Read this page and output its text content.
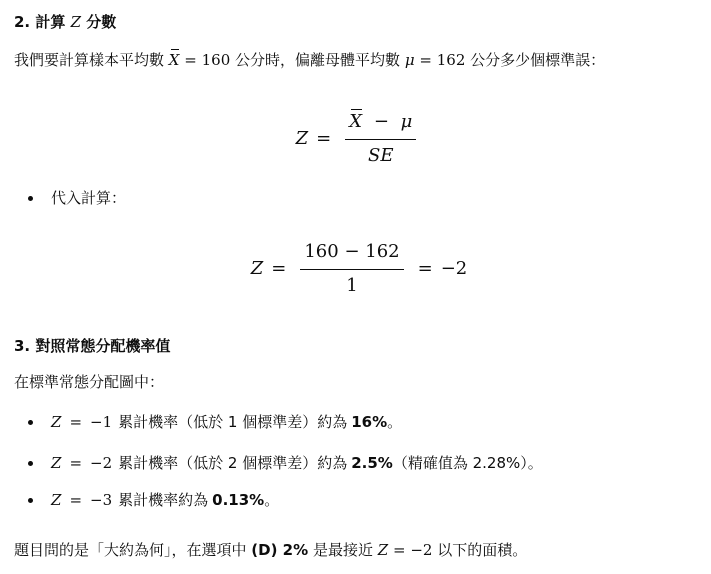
2. 計算 Z 分數

我們要計算樣本平均數 X = 160 公分時，偏離母體平均數 μ = 162 公分多少個標準誤：

$Z = \frac{X - \mu}{SE}$
代入計算：
$Z = \frac{160 - 162}{1} = -2$
3. 對照常態分配機率值

在標準常態分配圖中：

Z = −1 累計機率（低於 1 個標準差）約為 16% 。
Z = −2 累計機率（低於 2 個標準差）約為 2.5% （精確值為 2.28%）。
Z = −3 累計機率約為 0.13% 。

題目問的是「大約為何」，在選項中 (D) 2% 是最接近 Z = −2 以下的面積。
